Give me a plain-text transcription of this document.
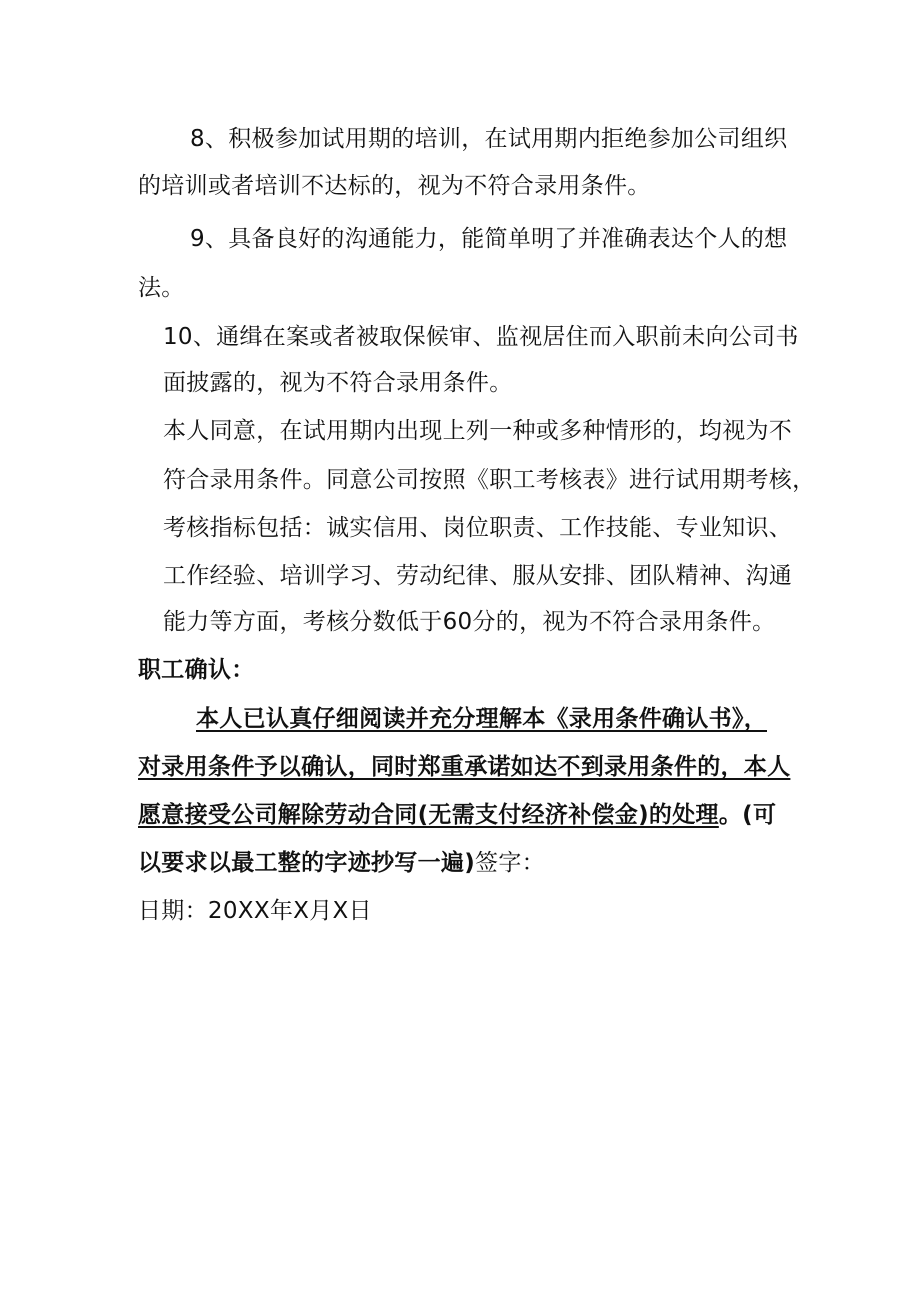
8、积极参加试用期的培训，在试用期内拒绝参加公司组织
的培训或者培训不达标的，视为不符合录用条件。
9、具备良好的沟通能力，能简单明了并准确表达个人的想
法。
10、通缉在案或者被取保候审、监视居住而入职前未向公司书
面披露的，视为不符合录用条件。
本人同意，在试用期内出现上列一种或多种情形的，均视为不
符合录用条件。同意公司按照《职工考核表》进行试用期考核，
考核指标包括：诚实信用、岗位职责、工作技能、专业知识、
工作经验、培训学习、劳动纪律、服从安排、团队精神、沟通
能力等方面，考核分数低于60分的，视为不符合录用条件。
职工确认：
本人已认真仔细阅读并充分理解本《录用条件确认书》，
对录用条件予以确认，同时郑重承诺如达不到录用条件的，本人
愿意接受公司解除劳动合同(无需支付经济补偿金)的处理。(可
以要求以最工整的字迹抄写一遍)签字：
日期：20XX年X月X日
